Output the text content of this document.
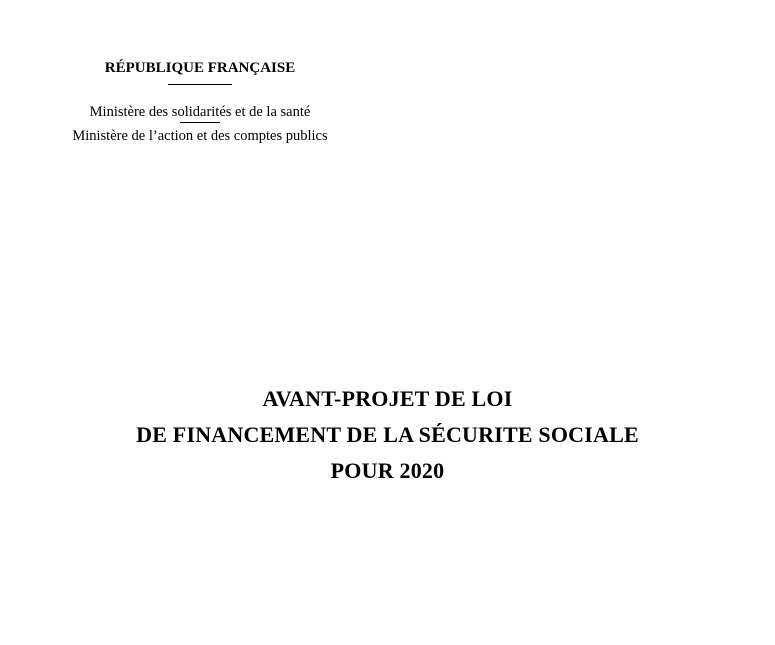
RÉPUBLIQUE FRANÇAISE

Ministère des solidarités et de la santé

Ministère de l’action et des comptes publics

AVANT-PROJET DE LOI

DE FINANCEMENT DE LA SÉCURITE SOCIALE

POUR 2020
